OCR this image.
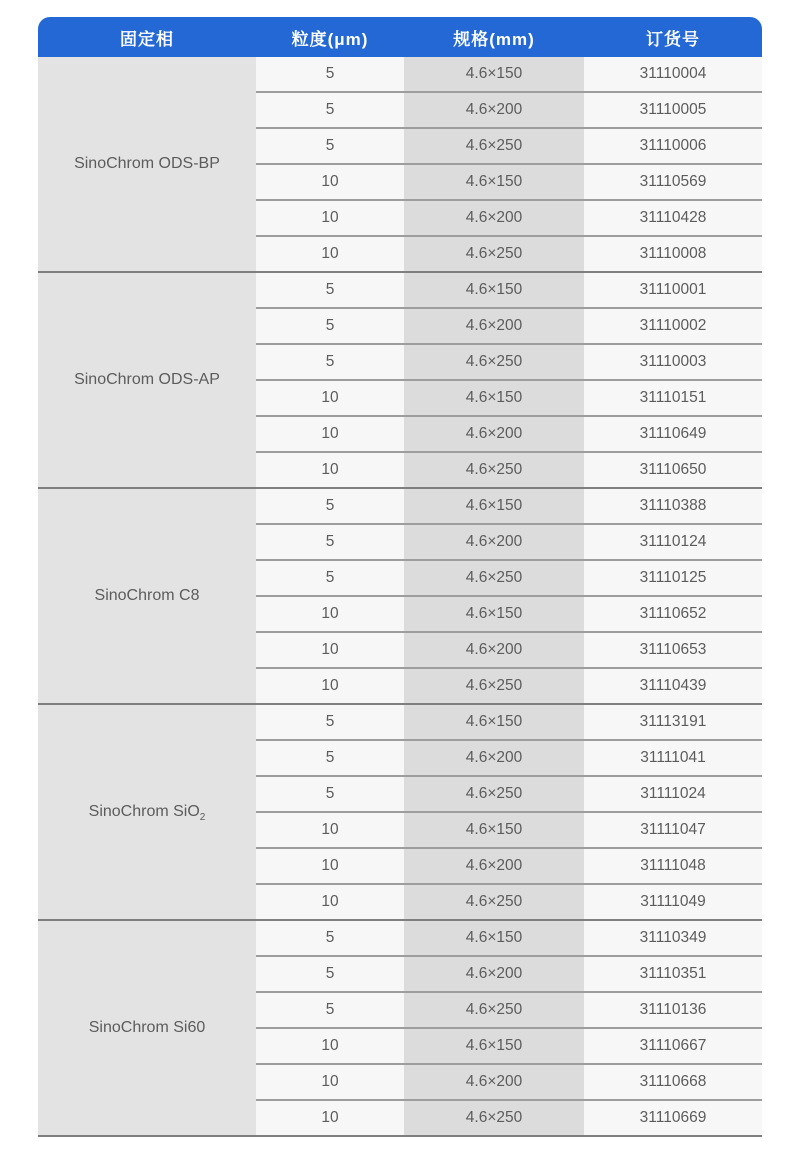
固定相	粒度(μm)	规格(mm)	订货号
SinoChrom ODS-BP	5	4.6×150	31110004
	5	4.6×200	31110005
	5	4.6×250	31110006
	10	4.6×150	31110569
	10	4.6×200	31110428
	10	4.6×250	31110008
SinoChrom ODS-AP	5	4.6×150	31110001
	5	4.6×200	31110002
	5	4.6×250	31110003
	10	4.6×150	31110151
	10	4.6×200	31110649
	10	4.6×250	31110650
SinoChrom C8	5	4.6×150	31110388
	5	4.6×200	31110124
	5	4.6×250	31110125
	10	4.6×150	31110652
	10	4.6×200	31110653
	10	4.6×250	31110439
SinoChrom SiO$_2$	5	4.6×150	31113191
	5	4.6×200	31111041
	5	4.6×250	31111024
	10	4.6×150	31111047
	10	4.6×200	31111048
	10	4.6×250	31111049
SinoChrom Si60	5	4.6×150	31110349
	5	4.6×200	31110351
	5	4.6×250	31110136
	10	4.6×150	31110667
	10	4.6×200	31110668
	10	4.6×250	31110669
